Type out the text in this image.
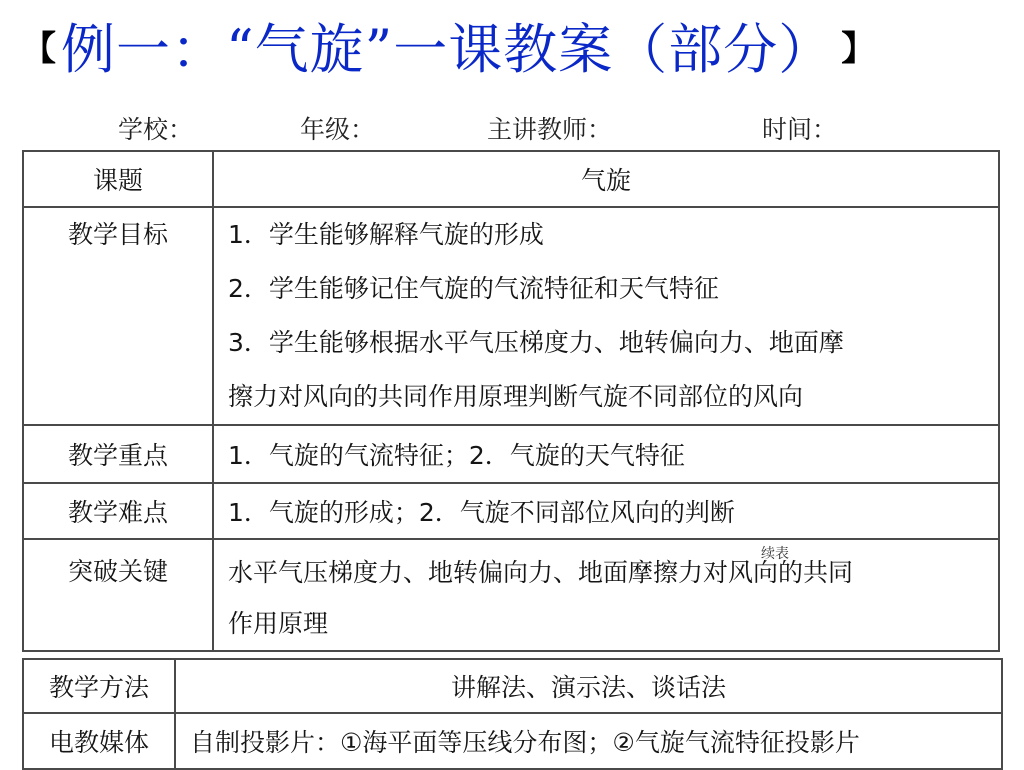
【 例一：“气旋”一课教案（部分） 】
学校：	年级：	主讲教师：	时间：
课题	气旋

教学目标	1．学生能够解释气旋的形成
2．学生能够记住气旋的气流特征和天气特征
3．学生能够根据水平气压梯度力、地转偏向力、地面摩
擦力对风向的共同作用原理判断气旋不同部位的风向

教学重点	1．气旋的气流特征；2．气旋的天气特征
教学难点	1．气旋的形成；2．气旋不同部位风向的判断

突破关键	水平气压梯度力、地转偏向力、地面摩擦力对风向的共同
作用原理
续表
教学方法	讲解法、演示法、谈话法
电教媒体	自制投影片：①海平面等压线分布图；②气旋气流特征投影片
